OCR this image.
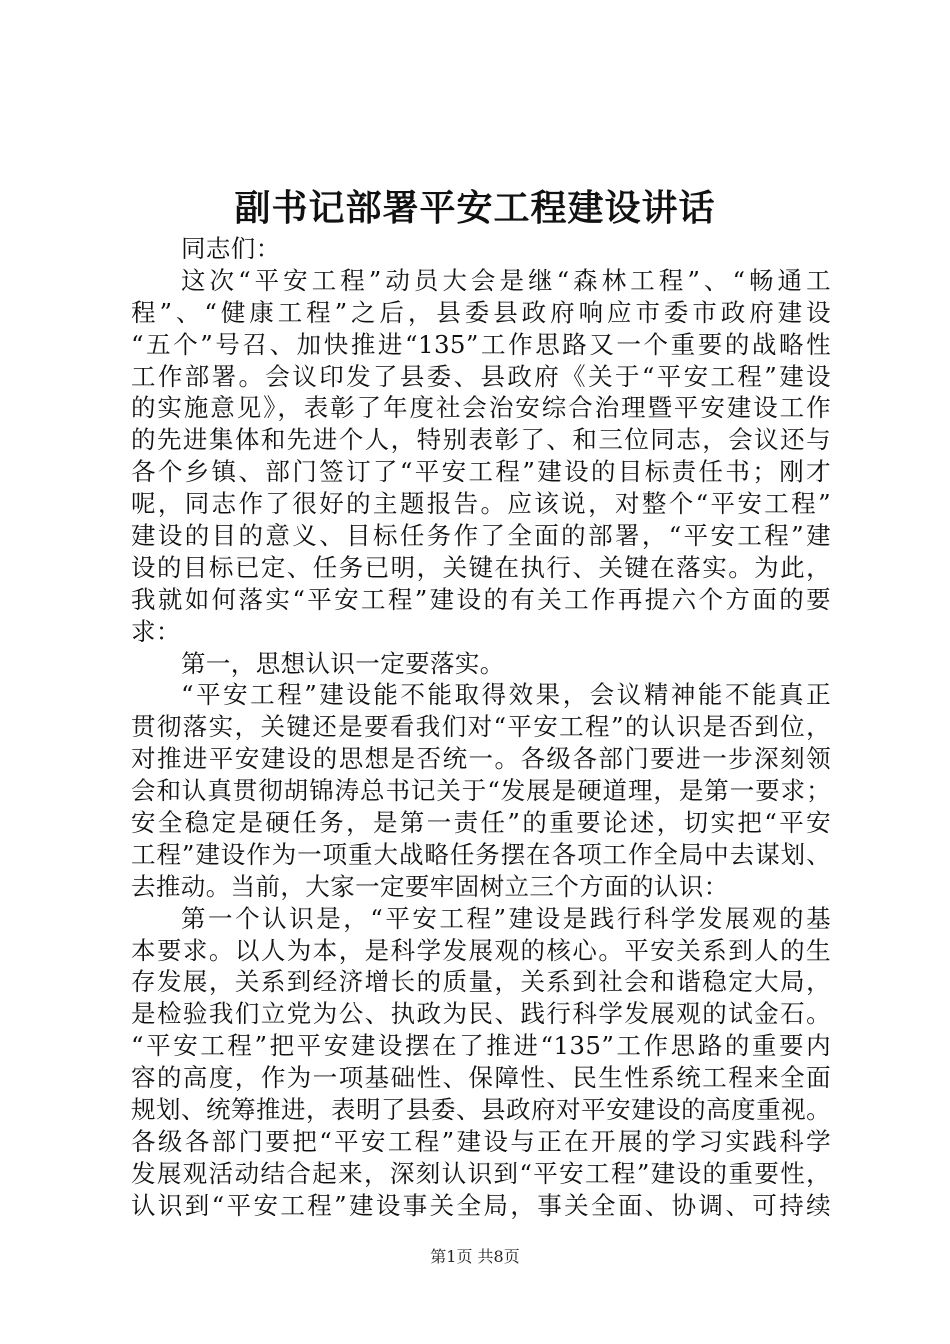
副书记部署平安工程建设讲话
同志们：
这次“平安工程”动员大会是继“森林工程”、“畅通工
程”、“健康工程”之后，县委县政府响应市委市政府建设
“五个”号召、加快推进“135”工作思路又一个重要的战略性
工作部署。会议印发了县委、县政府《关于“平安工程”建设
的实施意见》，表彰了年度社会治安综合治理暨平安建设工作
的先进集体和先进个人，特别表彰了、和三位同志，会议还与
各个乡镇、部门签订了“平安工程”建设的目标责任书；刚才
呢，同志作了很好的主题报告。应该说，对整个“平安工程”
建设的目的意义、目标任务作了全面的部署，“平安工程”建
设的目标已定、任务已明，关键在执行、关键在落实。为此，
我就如何落实“平安工程”建设的有关工作再提六个方面的要
求：
第一，思想认识一定要落实。
“平安工程”建设能不能取得效果，会议精神能不能真正
贯彻落实，关键还是要看我们对“平安工程”的认识是否到位，
对推进平安建设的思想是否统一。各级各部门要进一步深刻领
会和认真贯彻胡锦涛总书记关于“发展是硬道理，是第一要求；
安全稳定是硬任务，是第一责任”的重要论述，切实把“平安
工程”建设作为一项重大战略任务摆在各项工作全局中去谋划、
去推动。当前，大家一定要牢固树立三个方面的认识：
第一个认识是，“平安工程”建设是践行科学发展观的基
本要求。以人为本，是科学发展观的核心。平安关系到人的生
存发展，关系到经济增长的质量，关系到社会和谐稳定大局，
是检验我们立党为公、执政为民、践行科学发展观的试金石。
“平安工程”把平安建设摆在了推进“135”工作思路的重要内
容的高度，作为一项基础性、保障性、民生性系统工程来全面
规划、统筹推进，表明了县委、县政府对平安建设的高度重视。
各级各部门要把“平安工程”建设与正在开展的学习实践科学
发展观活动结合起来，深刻认识到“平安工程”建设的重要性，
认识到“平安工程”建设事关全局，事关全面、协调、可持续
第1页 共8页
